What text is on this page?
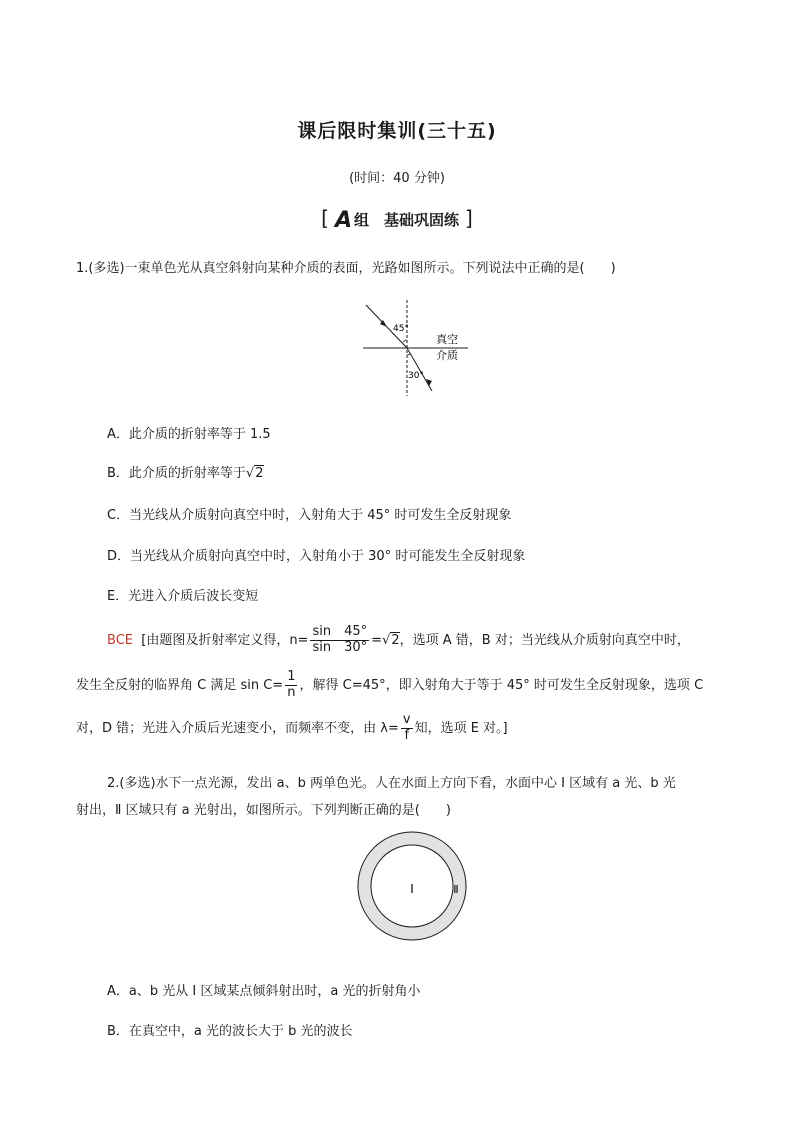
课后限时集训(三十五)
(时间：40 分钟)
[ A 组　基础巩固练 ]
1.(多选)一束单色光从真空斜射向某种介质的表面，光路如图所示。下列说法中正确的是(　　)
45°
30°
真空
介质
A．此介质的折射率等于 1.5
B．此介质的折射率等于√2
C．当光线从介质射向真空中时，入射角大于 45° 时可发生全反射现象
D．当光线从介质射向真空中时，入射角小于 30° 时可能发生全反射现象
E．光进入介质后波长变短
BCE [由题图及折射率定义得，$n= \frac{\sin 45^\circ}{\sin 30^\circ} =√2$，选项 A 错，B 对；当光线从介质射向真空中时，
发生全反射的临界角 C 满足 $\sin C= \frac{1}{n}$ ，解得 C=45°，即入射角大于等于 45° 时可发生全反射现象，选项 C
对，D 错；光进入介质后光速变小，而频率不变，由 $\lambda= \frac{v}{f}$ 知，选项 E 对。]
2.(多选)水下一点光源，发出 a、b 两单色光。人在水面上方向下看，水面中心 Ⅰ 区域有 a 光、b 光
射出，Ⅱ 区域只有 a 光射出，如图所示。下列判断正确的是(　　)
Ⅰ	Ⅱ
A．a、b 光从 Ⅰ 区域某点倾斜射出时，a 光的折射角小
B．在真空中，a 光的波长大于 b 光的波长
